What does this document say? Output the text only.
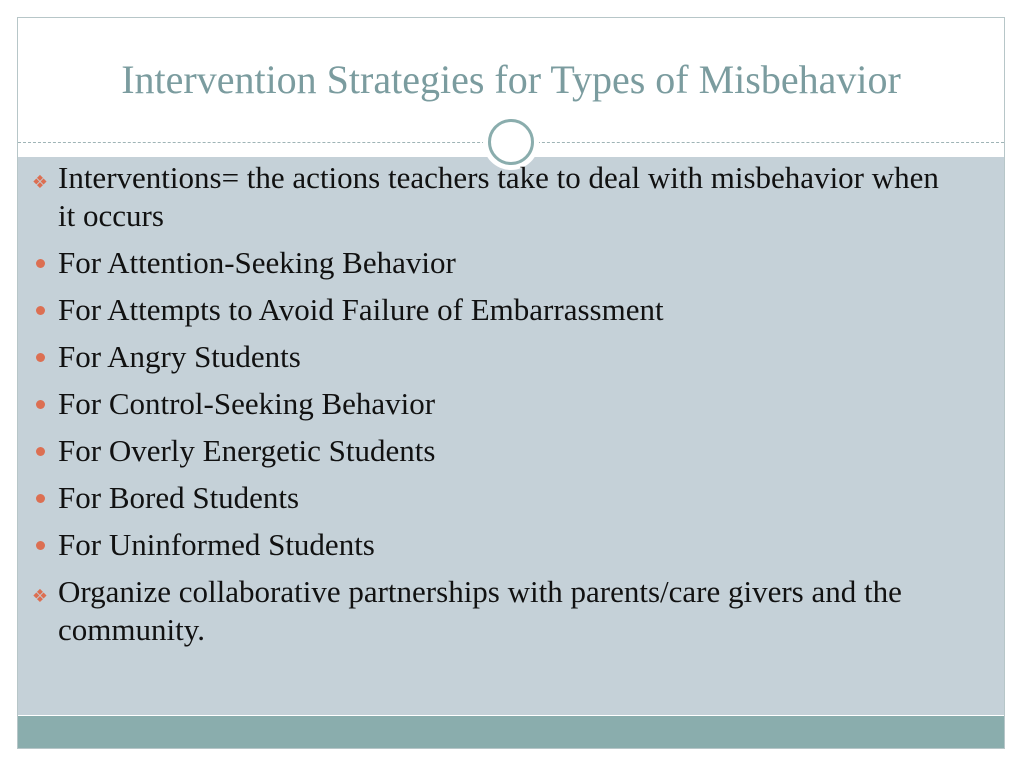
Intervention Strategies for Types of Misbehavior
❖ Interventions= the actions teachers take to deal with misbehavior when it occurs
For Attention-Seeking Behavior
For Attempts to Avoid Failure of Embarrassment
For Angry Students
For Control-Seeking Behavior
For Overly Energetic Students
For Bored Students
For Uninformed Students
❖ Organize collaborative partnerships with parents/care givers and the community.
